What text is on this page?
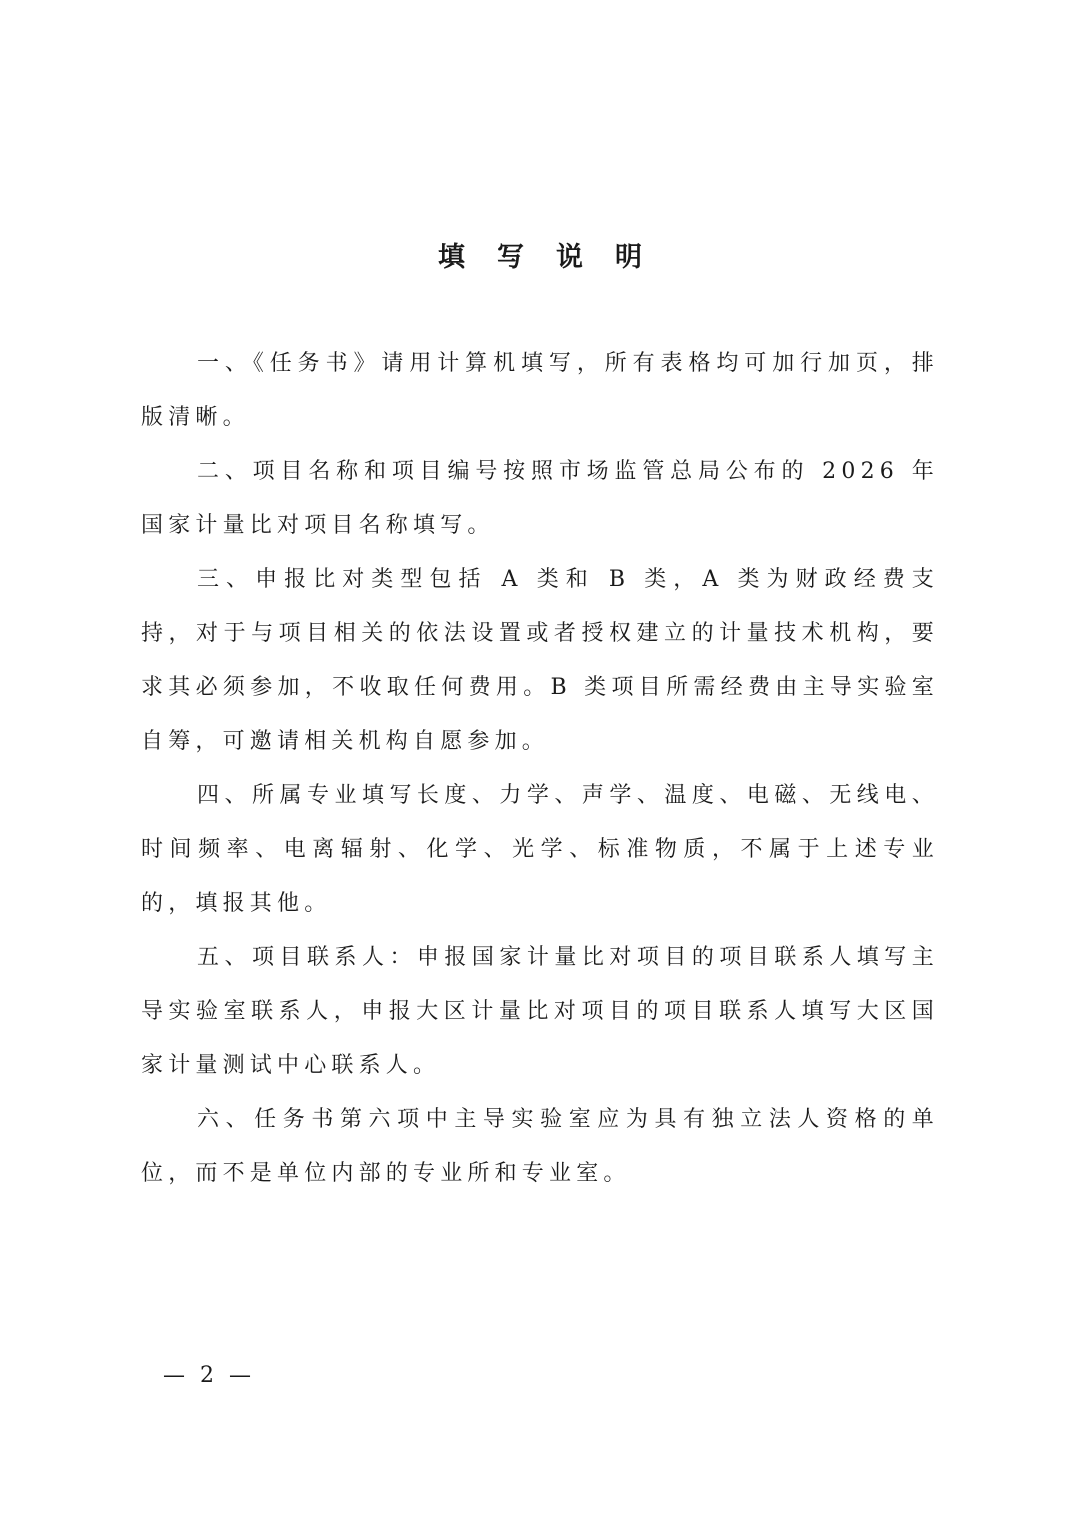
填写说明

一、《任务书》请用计算机填写，所有表格均可加行加页，排版清晰。

二、项目名称和项目编号按照市场监管总局公布的 2026 年国家计量比对项目名称填写。

三、申报比对类型包括 A 类和 B 类，A 类为财政经费支持，对于与项目相关的依法设置或者授权建立的计量技术机构，要求其必须参加，不收取任何费用。B 类项目所需经费由主导实验室自筹，可邀请相关机构自愿参加。

四、所属专业填写长度、力学、声学、温度、电磁、无线电、时间频率、电离辐射、化学、光学、标准物质，不属于上述专业的，填报其他。

五、项目联系人：申报国家计量比对项目的项目联系人填写主导实验室联系人，申报大区计量比对项目的项目联系人填写大区国家计量测试中心联系人。

六、任务书第六项中主导实验室应为具有独立法人资格的单位，而不是单位内部的专业所和专业室。

— 2 —
